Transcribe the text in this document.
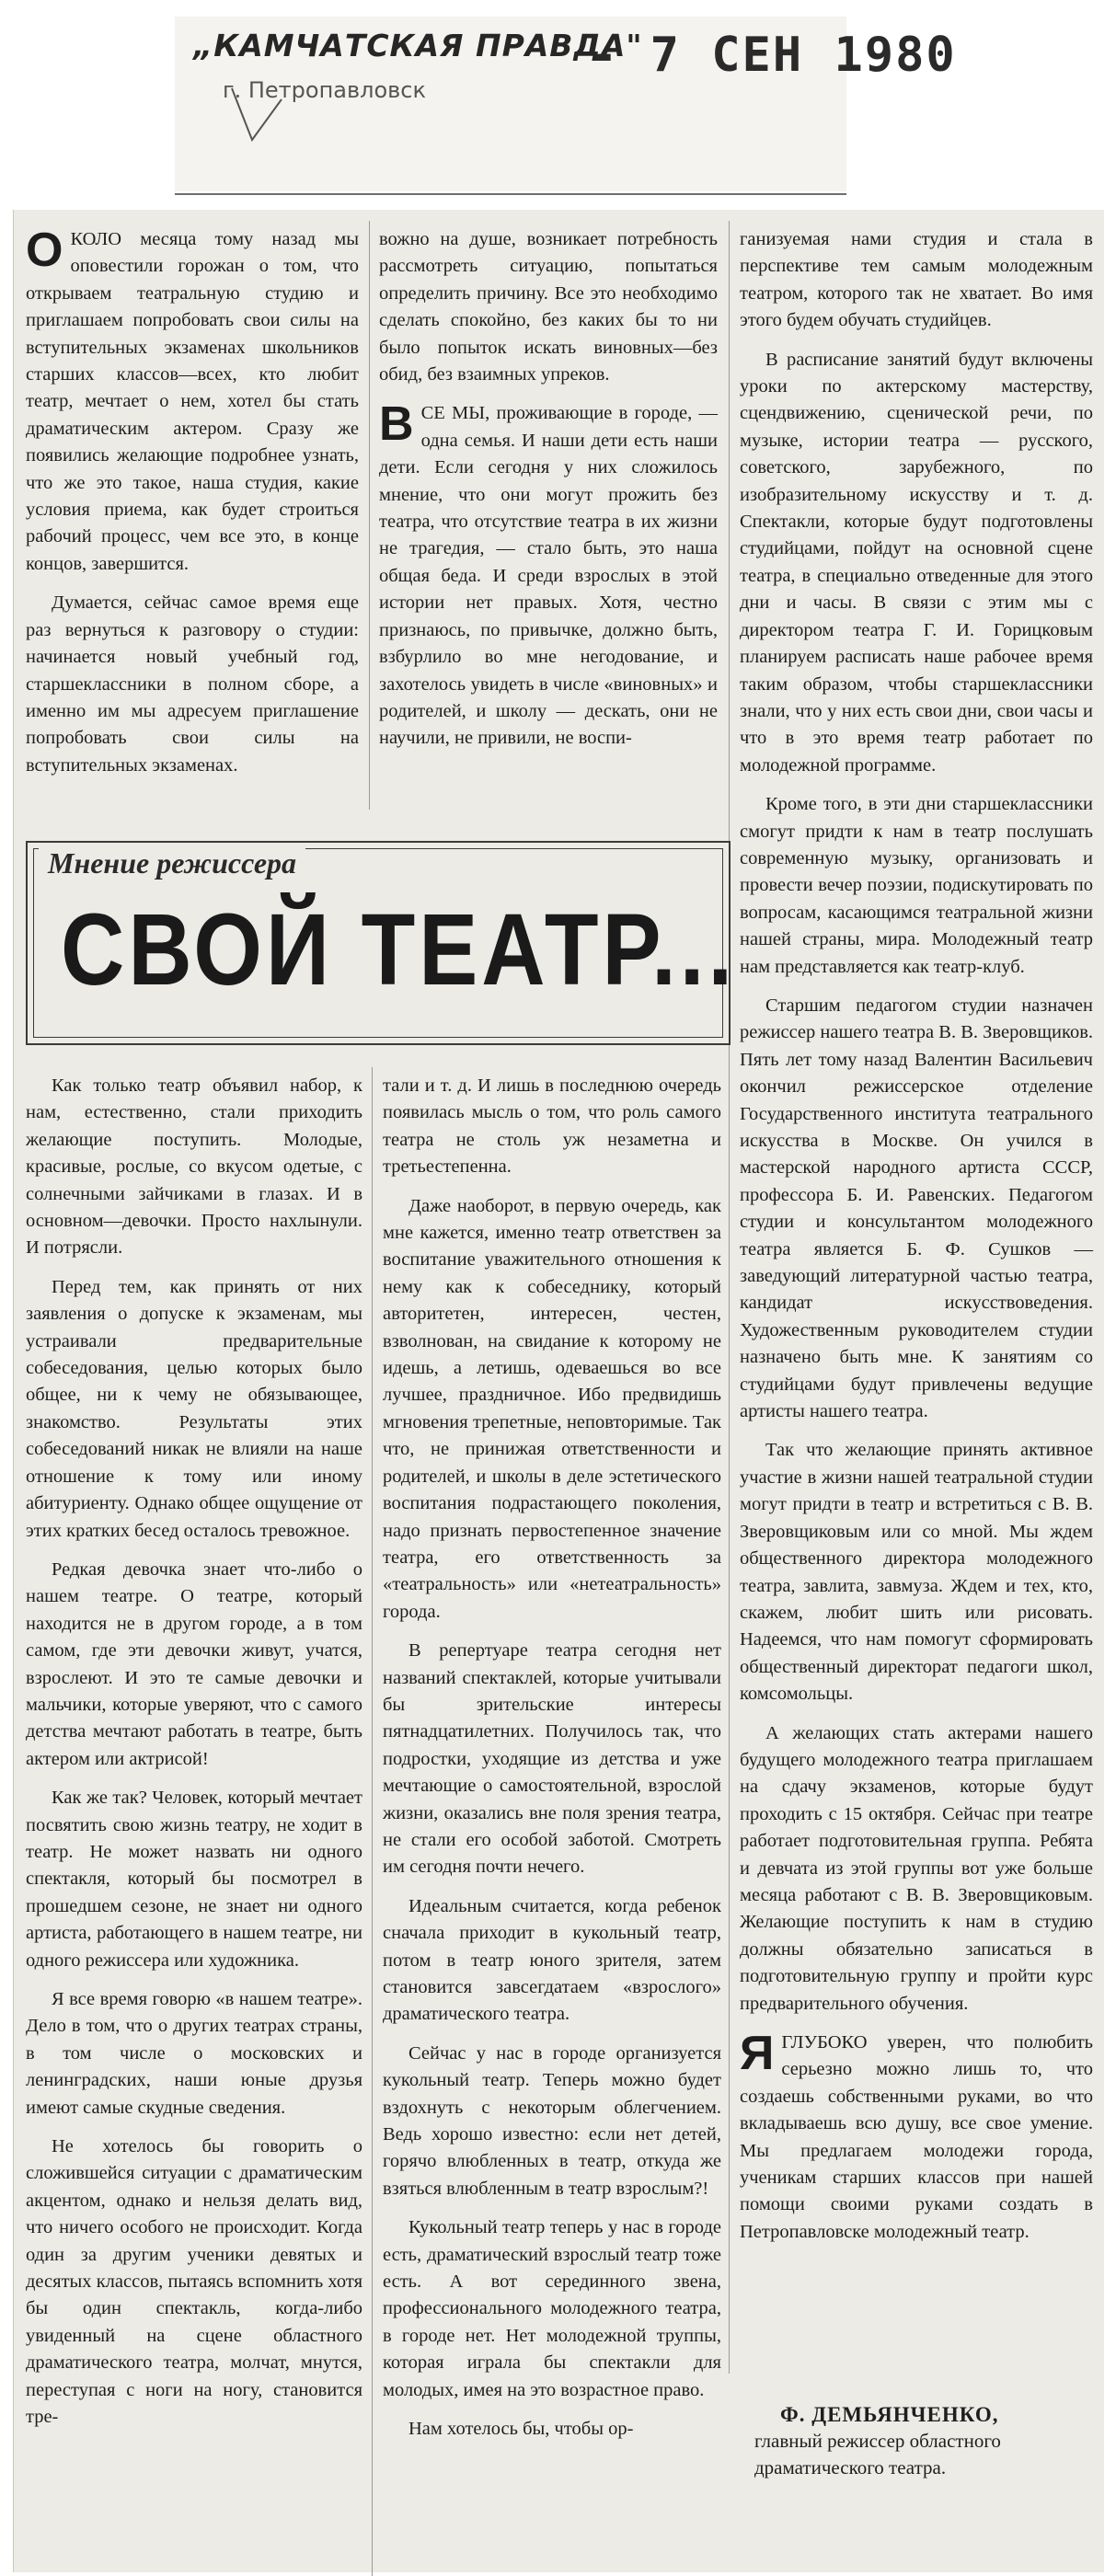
„КАМЧАТСКАЯ ПРАВДА"
г. Петропавловск
- 7 СЕН 1980

ОКОЛО месяца тому назад мы оповестили горожан о том, что открываем театральную студию и приглашаем попробовать свои силы на вступительных экзаменах школьников старших классов—всех, кто любит театр, мечтает о нем, хотел бы стать драматическим актером. Сразу же появились желающие подробнее узнать, что же это такое, наша студия, какие условия приема, как будет строиться рабочий процесс, чем все это, в конце концов, завершится.

Думается, сейчас самое время еще раз вернуться к разговору о студии: начинается новый учебный год, старшеклассники в полном сборе, а именно им мы адресуем приглашение попробовать свои силы на вступительных экзаменах.

вожно на душе, возникает потребность рассмотреть ситуацию, попытаться определить причину. Все это необходимо сделать спокойно, без каких бы то ни было попыток искать виновных—без обид, без взаимных упреков.

ВСЕ МЫ, проживающие в городе, — одна семья. И наши дети есть наши дети. Если сегодня у них сложилось мнение, что они могут прожить без театра, что отсутствие театра в их жизни не трагедия, — стало быть, это наша общая беда. И среди взрослых в этой истории нет правых. Хотя, честно признаюсь, по привычке, должно быть, взбурлило во мне негодование, и захотелось увидеть в числе «виновных» и родителей, и школу — дескать, они не научили, не привили, не воспи-

ганизуемая нами студия и стала в перспективе тем самым молодежным театром, которого так не хватает. Во имя этого будем обучать студийцев.

В расписание занятий будут включены уроки по актерскому мастерству, сцендвижению, сценической речи, по музыке, истории театра — русского, советского, зарубежного, по изобразительному искусству и т. д. Спектакли, которые будут подготовлены студийцами, пойдут на основной сцене театра, в специально отведенные для этого дни и часы. В связи с этим мы с директором театра Г. И. Горицковым планируем расписать наше рабочее время таким образом, чтобы старшеклассники знали, что у них есть свои дни, свои часы и что в это время театр работает по молодежной программе.

Кроме того, в эти дни старшеклассники смогут придти к нам в театр послушать современную музыку, организовать и провести вечер поэзии, подискутировать по вопросам, касающимся театральной жизни нашей страны, мира. Молодежный театр нам представляется как театр-клуб.

Старшим педагогом студии назначен режиссер нашего театра В. В. Зверовщиков. Пять лет тому назад Валентин Васильевич окончил режиссерское отделение Государственного института театрального искусства в Москве. Он учился в мастерской народного артиста СССР, профессора Б. И. Равенских. Педагогом студии и консультантом молодежного театра является Б. Ф. Сушков — заведующий литературной частью театра, кандидат искусствоведения. Художественным руководителем студии назначено быть мне. К занятиям со студийцами будут привлечены ведущие артисты нашего театра.

Так что желающие принять активное участие в жизни нашей театральной студии могут придти в театр и встретиться с В. В. Зверовщиковым или со мной. Мы ждем общественного директора молодежного театра, завлита, завмуза. Ждем и тех, кто, скажем, любит шить или рисовать. Надеемся, что нам помогут сформировать общественный директорат педагоги школ, комсомольцы.

А желающих стать актерами нашего будущего молодежного театра приглашаем на сдачу экзаменов, которые будут проходить с 15 октября. Сейчас при театре работает подготовительная группа. Ребята и девчата из этой группы вот уже больше месяца работают с В. В. Зверовщиковым. Желающие поступить к нам в студию должны обязательно записаться в подготовительную группу и пройти курс предварительного обучения.

ЯГЛУБОКО уверен, что полюбить серьезно можно лишь то, что создаешь собственными руками, во что вкладываешь всю душу, все свое умение. Мы предлагаем молодежи города, ученикам старших классов при нашей помощи своими руками создать в Петропавловске молодежный театр.

Мнение режиссера
СВОЙ ТЕАТР...

Как только театр объявил набор, к нам, естественно, стали приходить желающие поступить. Молодые, красивые, рослые, со вкусом одетые, с солнечными зайчиками в глазах. И в основном—девочки. Просто нахлынули. И потрясли.

Перед тем, как принять от них заявления о допуске к экзаменам, мы устраивали предварительные собеседования, целью которых было общее, ни к чему не обязывающее, знакомство. Результаты этих собеседований никак не влияли на наше отношение к тому или иному абитуриенту. Однако общее ощущение от этих кратких бесед осталось тревожное.

Редкая девочка знает что-либо о нашем театре. О театре, который находится не в другом городе, а в том самом, где эти девочки живут, учатся, взрослеют. И это те самые девочки и мальчики, которые уверяют, что с самого детства мечтают работать в театре, быть актером или актрисой!

Как же так? Человек, который мечтает посвятить свою жизнь театру, не ходит в театр. Не может назвать ни одного спектакля, который бы посмотрел в прошедшем сезоне, не знает ни одного артиста, работающего в нашем театре, ни одного режиссера или художника.

Я все время говорю «в нашем театре». Дело в том, что о других театрах страны, в том числе о московских и ленинградских, наши юные друзья имеют самые скудные сведения.

Не хотелось бы говорить о сложившейся ситуации с драматическим акцентом, однако и нельзя делать вид, что ничего особого не происходит. Когда один за другим ученики девятых и десятых классов, пытаясь вспомнить хотя бы один спектакль, когда-либо увиденный на сцене областного драматического театра, молчат, мнутся, переступая с ноги на ногу, становится тре-

тали и т. д. И лишь в последнюю очередь появилась мысль о том, что роль самого театра не столь уж незаметна и третьестепенна.

Даже наоборот, в первую очередь, как мне кажется, именно театр ответствен за воспитание уважительного отношения к нему как к собеседнику, который авторитетен, интересен, честен, взволнован, на свидание к которому не идешь, а летишь, одеваешься во все лучшее, праздничное. Ибо предвидишь мгновения трепетные, неповторимые. Так что, не принижая ответственности и родителей, и школы в деле эстетического воспитания подрастающего поколения, надо признать первостепенное значение театра, его ответственность за «театральность» или «нетеатральность» города.

В репертуаре театра сегодня нет названий спектаклей, которые учитывали бы зрительские интересы пятнадцатилетних. Получилось так, что подростки, уходящие из детства и уже мечтающие о самостоятельной, взрослой жизни, оказались вне поля зрения театра, не стали его особой заботой. Смотреть им сегодня почти нечего.

Идеальным считается, когда ребенок сначала приходит в кукольный театр, потом в театр юного зрителя, затем становится завсегдатаем «взрослого» драматического театра.

Сейчас у нас в городе организуется кукольный театр. Теперь можно будет вздохнуть с некоторым облегчением. Ведь хорошо известно: если нет детей, горячо влюбленных в театр, откуда же взяться влюбленным в театр взрослым?!

Кукольный театр теперь у нас в городе есть, драматический взрослый театр тоже есть. А вот серединного звена, профессионального молодежного театра, в городе нет. Нет молодежной труппы, которая играла бы спектакли для молодых, имея на это возрастное право.

Нам хотелось бы, чтобы ор-

Ф. ДЕМЬЯНЧЕНКО,
главный режиссер областного драматического театра.
